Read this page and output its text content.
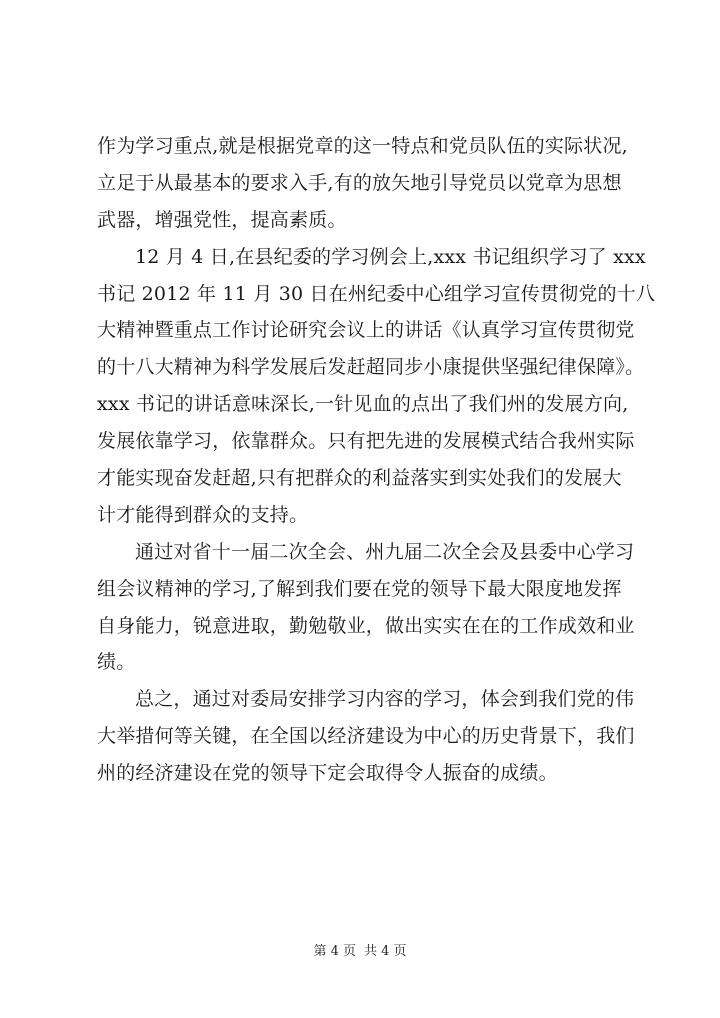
作为学习重点,就是根据党章的这一特点和党员队伍的实际状况,
立足于从最基本的要求入手,有的放矢地引导党员以党章为思想
武器，增强党性，提高素质。

12 月 4 日,在县纪委的学习例会上,xxx 书记组织学习了 xxx
书记 2012 年 11 月 30 日在州纪委中心组学习宣传贯彻党的十八
大精神暨重点工作讨论研究会议上的讲话《认真学习宣传贯彻党
的十八大精神为科学发展后发赶超同步小康提供坚强纪律保障》。
xxx 书记的讲话意味深长,一针见血的点出了我们州的发展方向,
发展依靠学习，依靠群众。只有把先进的发展模式结合我州实际
才能实现奋发赶超,只有把群众的利益落实到实处我们的发展大
计才能得到群众的支持。

通过对省十一届二次全会、州九届二次全会及县委中心学习
组会议精神的学习,了解到我们要在党的领导下最大限度地发挥
自身能力，锐意进取，勤勉敬业，做出实实在在的工作成效和业
绩。

总之，通过对委局安排学习内容的学习，体会到我们党的伟
大举措何等关键，在全国以经济建设为中心的历史背景下，我们
州的经济建设在党的领导下定会取得令人振奋的成绩。

第 4 页 共 4 页
